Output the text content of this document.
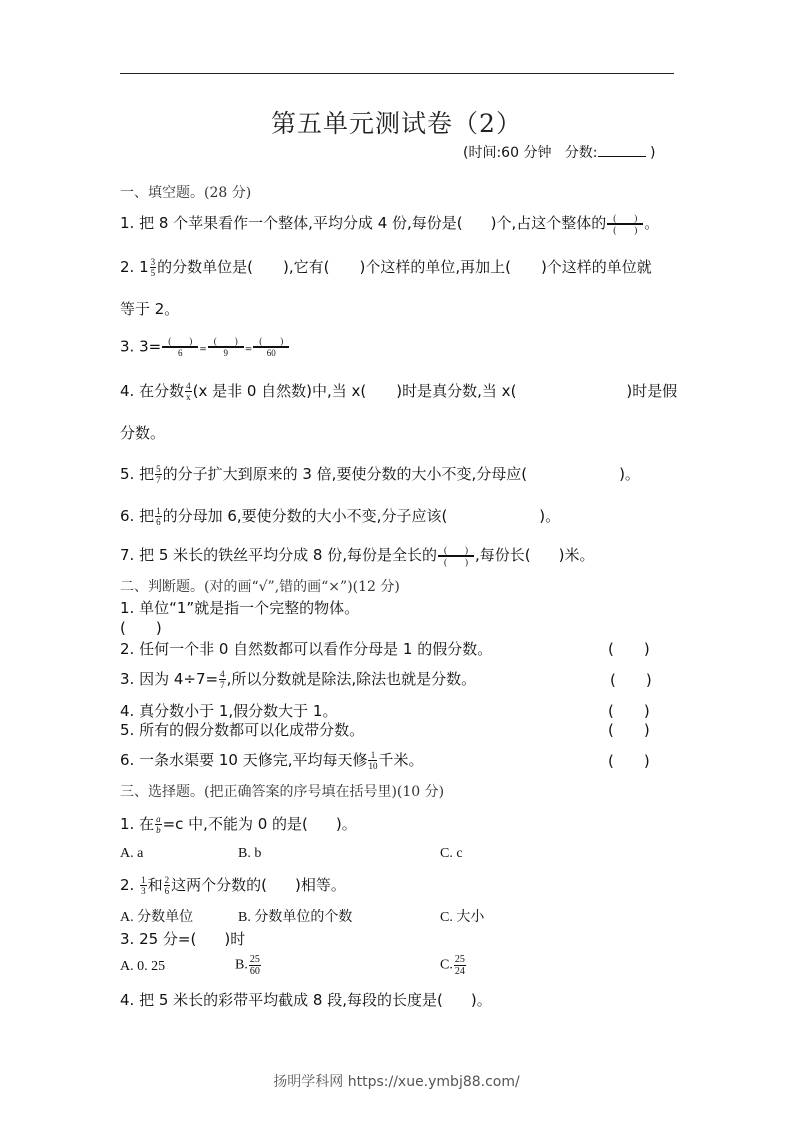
第五单元测试卷（2）
(时间:60 分钟 分数:	)
一、填空题。(28 分)
1. 把 8 个苹果看作一个整体,平均分成 4 份,每份是( )个,占这个整体的 $\frac{( )}{( )}$ 。
2. $1 \frac{3}{5}$ 的分数单位是( ),它有( )个这样的单位,再加上( )个这样的单位就
等于 2。
3. $3= \frac{( )}{6} = \frac{( )}{9} = \frac{( )}{60}$
4. 在分数 $\frac{4}{x} (x$ 是非 0 自然数)中,当 x( )时是真分数,当 x(	)时是假
分数。
5. 把 $\frac{5}{7}$ 的分子扩大到原来的 3 倍,要使分数的大小不变,分母应(	)。
6. 把 $\frac{1}{6}$ 的分母加 6,要使分数的大小不变,分子应该(	)。
7. 把 5 米长的铁丝平均分成 8 份,每份是全长的 $\frac{( )}{( )}$ ,每份长( )米。
二、判断题。(对的画“√”,错的画“×”)(12 分)
1. 单位“1”就是指一个完整的物体。
(　　)
2. 任何一个非 0 自然数都可以看作分母是 1 的假分数。	(　　)
3. 因为 $4\div 7= \frac{4}{7}$ ,所以分数就是除法,除法也就是分数。	(　　)
4. 真分数小于 1,假分数大于 1。	(　　)
5. 所有的假分数都可以化成带分数。	(　　)
6. 一条水渠要 10 天修完,平均每天修 $\frac{1}{10}$ 千米。	(　　)
三、选择题。(把正确答案的序号填在括号里)(10 分)
1. 在 $\frac{a}{b} =c$ 中,不能为 0 的是( )。
A. a	B. b	C. c
2. $\frac{1}{3}$ 和 $\frac{2}{6}$ 这两个分数的( )相等。
A. 分数单位	B. 分数单位的个数	C. 大小
3. 25 分=( )时
A. 0. 25	B. $\frac{25}{60}$	C. $\frac{25}{24}$
4. 把 5 米长的彩带平均截成 8 段,每段的长度是( )。
扬明学科网 https://xue.ymbj88.com/
